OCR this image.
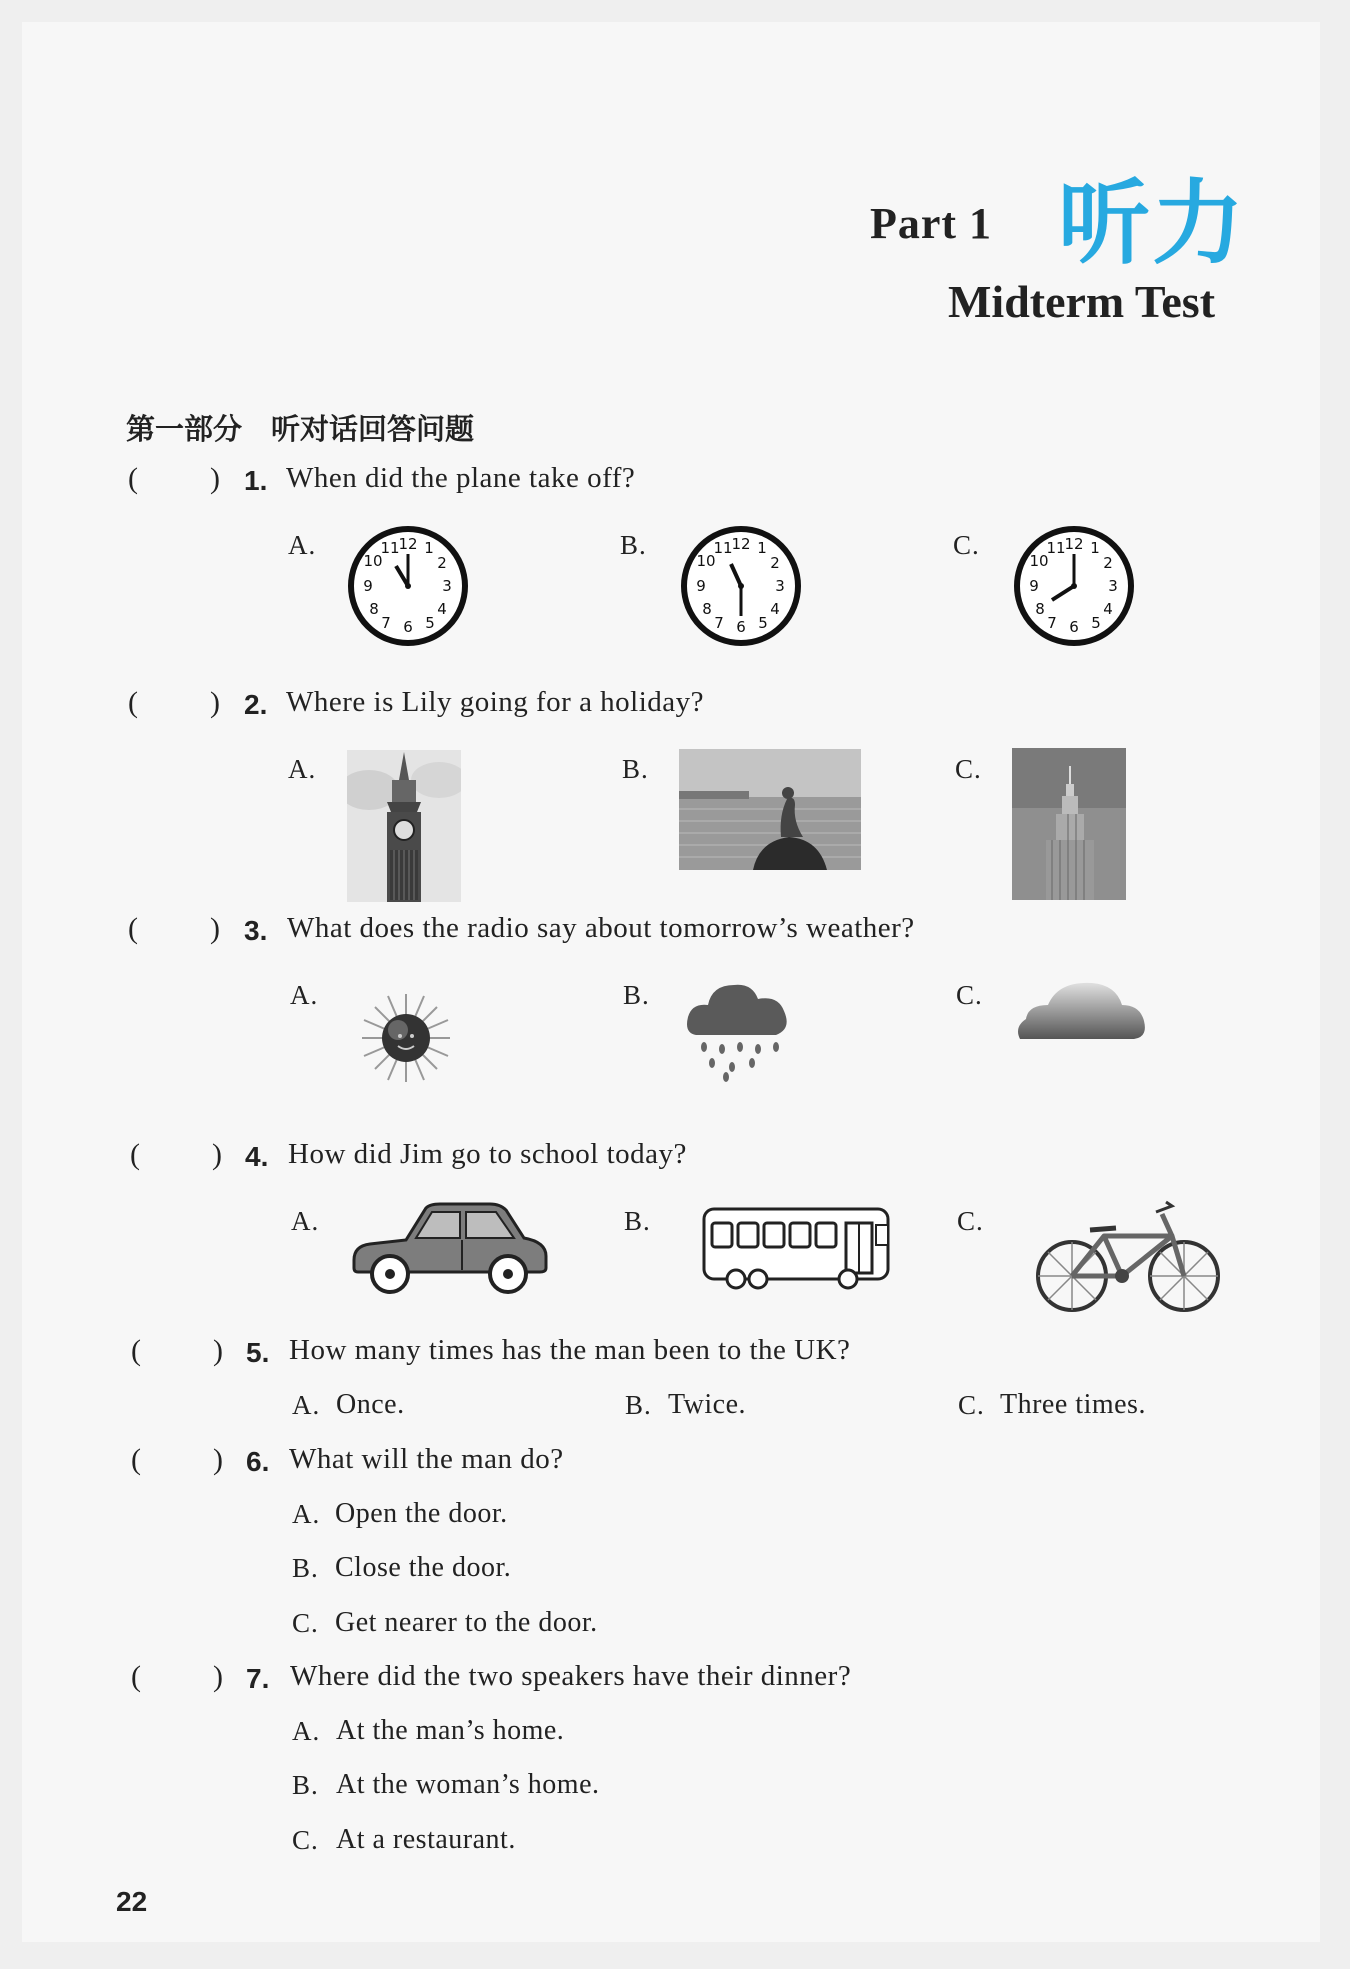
Part 1 听力
Midterm Test
第一部分　听对话回答问题
( ) 1. When did the plane take off?
A.	B.	C.
( ) 2. Where is Lily going for a holiday?
A.	B.	C.
( ) 3. What does the radio say about tomorrow’s weather?
A.	B.	C.
( ) 4. How did Jim go to school today?
A.	B.	C.
( ) 5. How many times has the man been to the UK?
A. Once.	B. Twice.	C. Three times.
( ) 6. What will the man do?
A. Open the door.
B. Close the door.
C. Get nearer to the door.
( ) 7. Where did the two speakers have their dinner?
A. At the man’s home.
B. At the woman’s home.
C. At a restaurant.
22
12
11 1
10	2
9	3
8	4
7 6 5
12
11 1
10	2
9	3
8	4
7 6 5
12
11 1
10	2
9	3
8	4
7 6 5
